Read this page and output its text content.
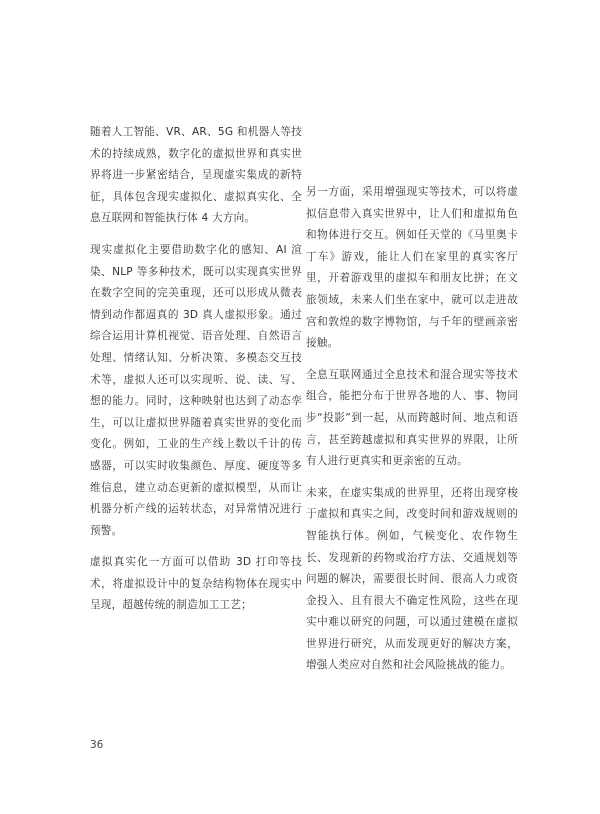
随着人工智能、VR、AR、5G 和机器人等技术的持续成熟，数字化的虚拟世界和真实世界将进一步紧密结合，呈现虚实集成的新特征，具体包含现实虚拟化、虚拟真实化、全息互联网和智能执行体 4 大方向。

现实虚拟化主要借助数字化的感知、AI 渲染、NLP 等多种技术，既可以实现真实世界在数字空间的完美重现，还可以形成从微表情到动作都逼真的 3D 真人虚拟形象。通过综合运用计算机视觉、语音处理、自然语言处理、情绪认知、分析决策、多模态交互技术等，虚拟人还可以实现听、说、读、写、想的能力。同时，这种映射也达到了动态孪生，可以让虚拟世界随着真实世界的变化而变化。例如，工业的生产线上数以千计的传感器，可以实时收集颜色、厚度、硬度等多维信息，建立动态更新的虚拟模型，从而让机器分析产线的运转状态，对异常情况进行预警。

虚拟真实化一方面可以借助 3D 打印等技术，将虚拟设计中的复杂结构物体在现实中呈现，超越传统的制造加工工艺；

另一方面，采用增强现实等技术，可以将虚拟信息带入真实世界中，让人们和虚拟角色和物体进行交互。例如任天堂的《马里奥卡丁车》游戏，能让人们在家里的真实客厅里，开着游戏里的虚拟车和朋友比拼；在文旅领域，未来人们坐在家中，就可以走进故宫和敦煌的数字博物馆，与千年的壁画亲密接触。

全息互联网通过全息技术和混合现实等技术组合，能把分布于世界各地的人、事、物同步“投影”到一起，从而跨越时间、地点和语言，甚至跨越虚拟和真实世界的界限，让所有人进行更真实和更亲密的互动。

未来，在虚实集成的世界里，还将出现穿梭于虚拟和真实之间，改变时间和游戏规则的智能执行体。例如，气候变化、农作物生长、发现新的药物或治疗方法、交通规划等问题的解决，需要很长时间、很高人力或资金投入、且有很大不确定性风险，这些在现实中难以研究的问题，可以通过建模在虚拟世界进行研究，从而发现更好的解决方案，增强人类应对自然和社会风险挑战的能力。

36
